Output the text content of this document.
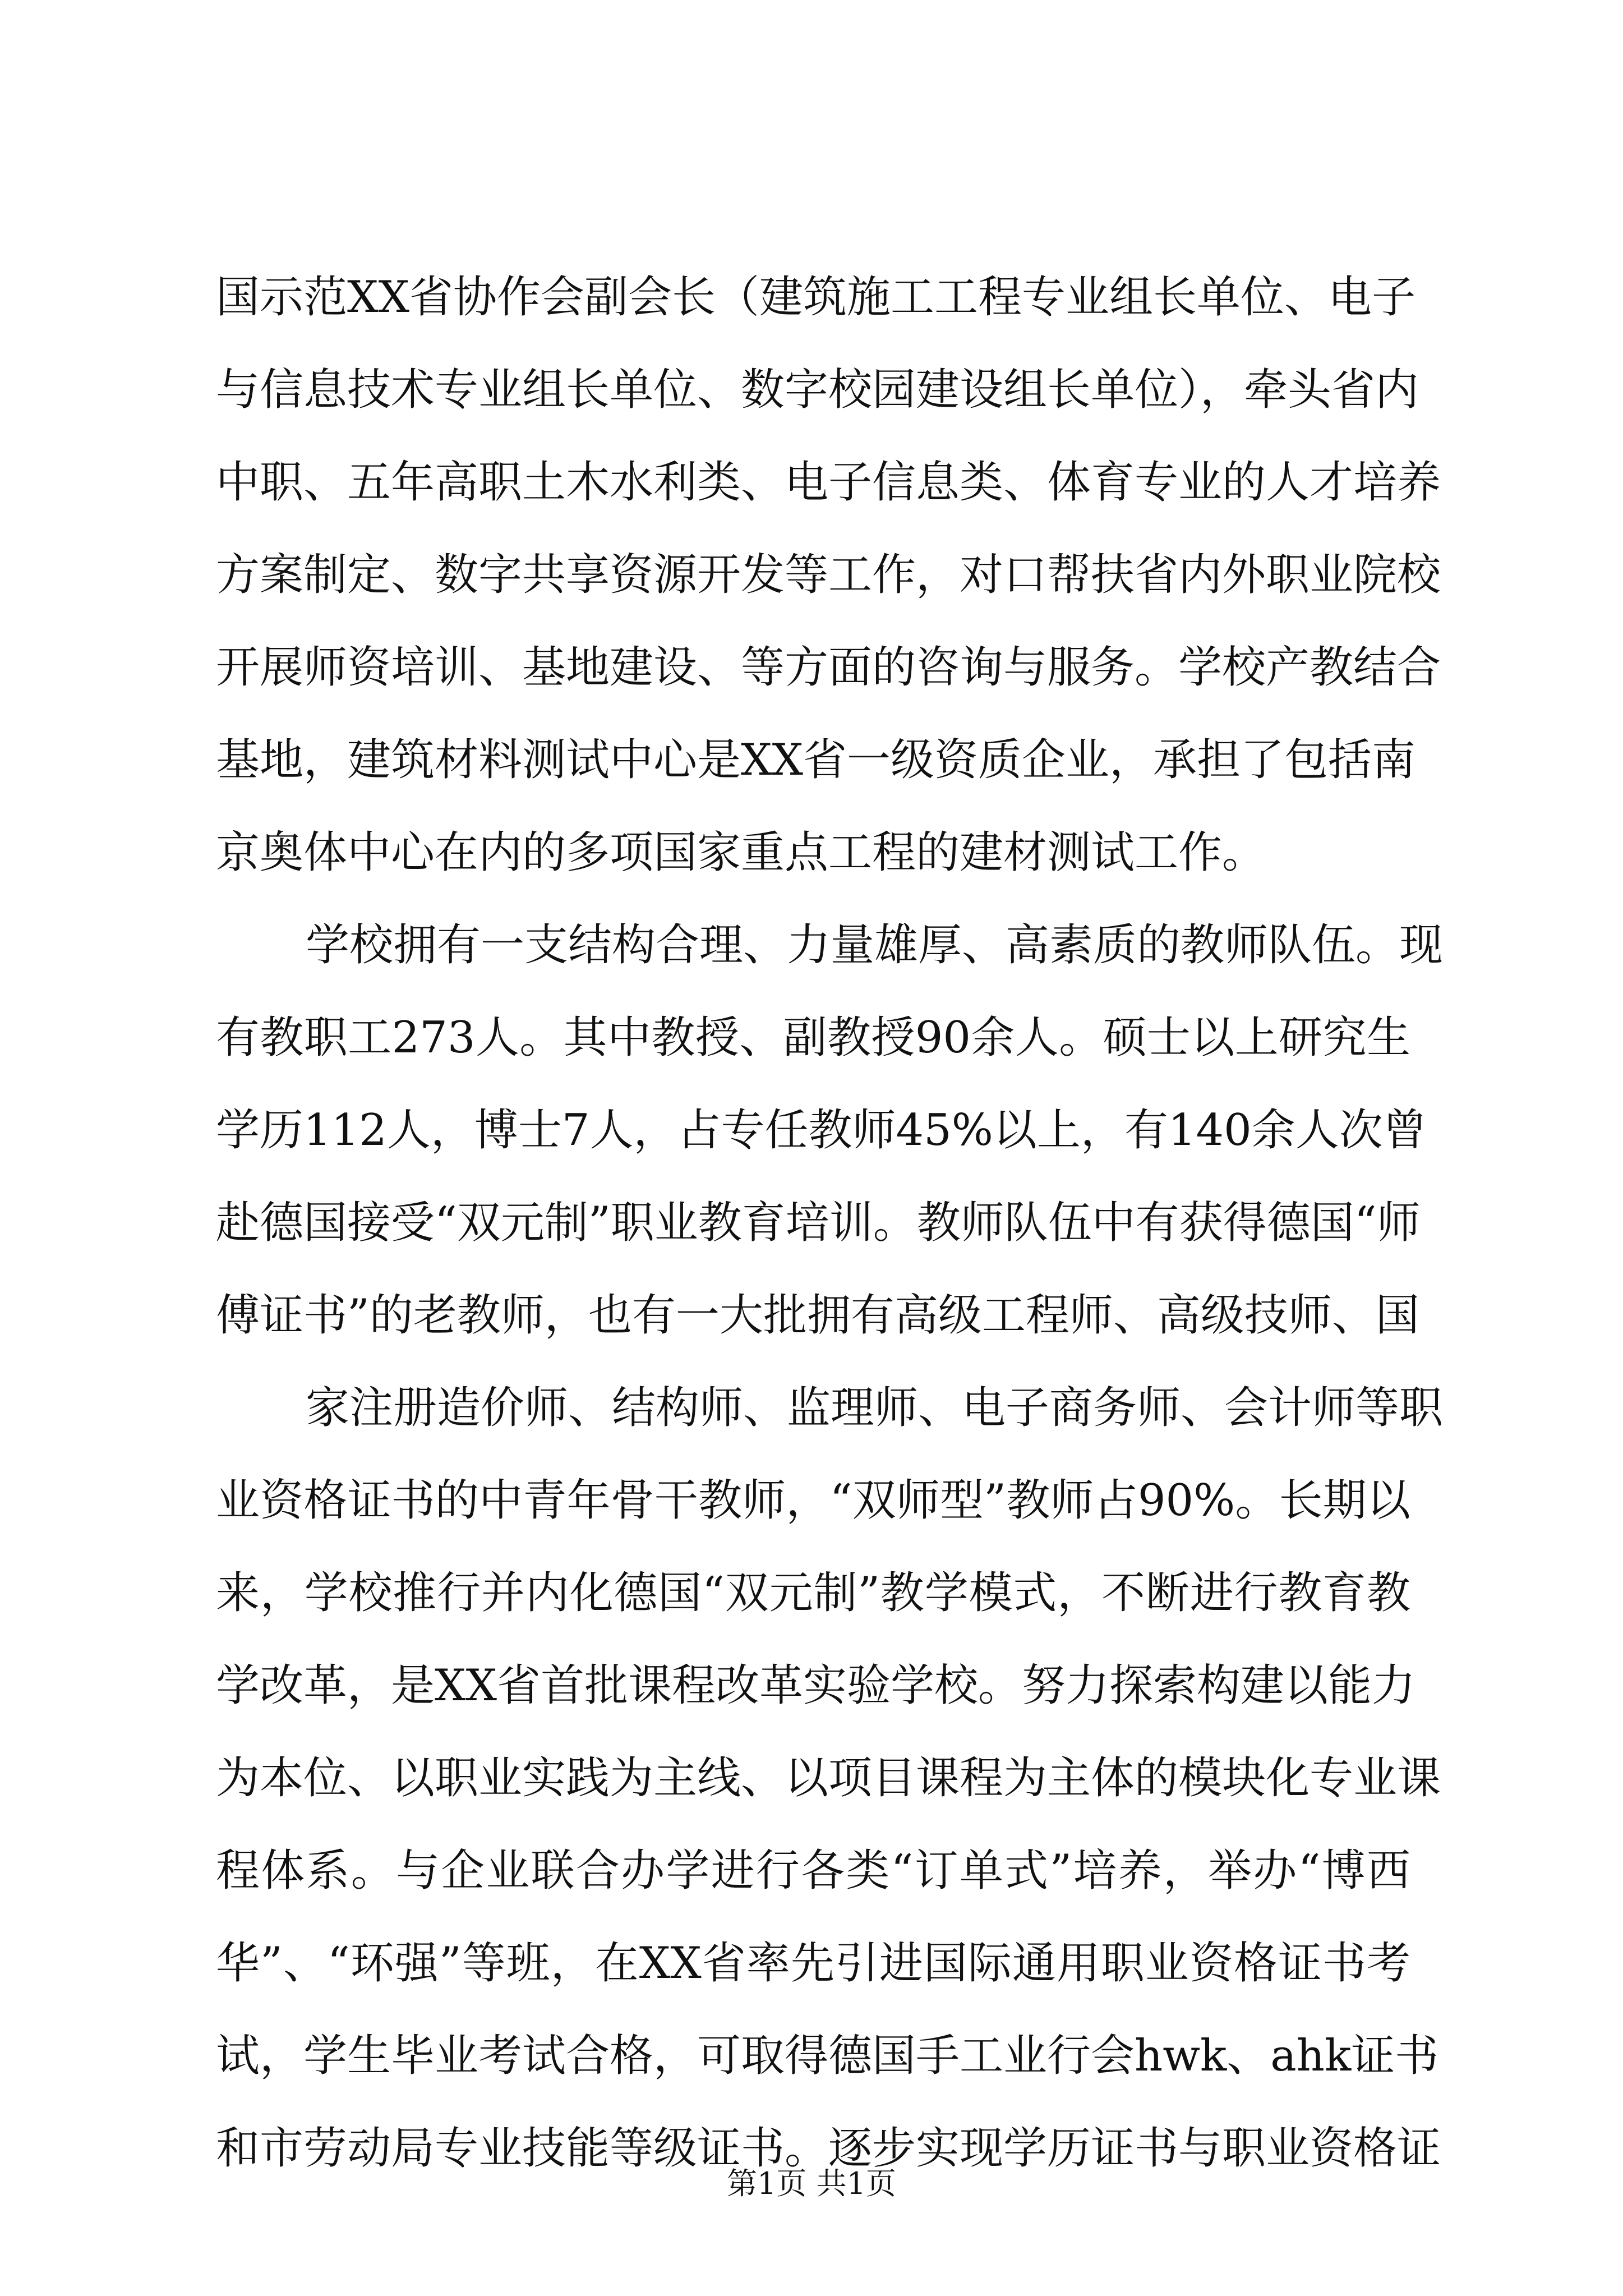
国示范XX省协作会副会长（建筑施工工程专业组长单位、电子
与信息技术专业组长单位、数字校园建设组长单位），牵头省内
中职、五年高职土木水利类、电子信息类、体育专业的人才培养
方案制定、数字共享资源开发等工作，对口帮扶省内外职业院校
开展师资培训、基地建设、等方面的咨询与服务。学校产教结合
基地，建筑材料测试中心是XX省一级资质企业，承担了包括南
京奥体中心在内的多项国家重点工程的建材测试工作。
学校拥有一支结构合理、力量雄厚、高素质的教师队伍。现
有教职工273人。其中教授、副教授90余人。硕士以上研究生
学历112人，博士7人，占专任教师45%以上，有140余人次曾
赴德国接受“双元制”职业教育培训。教师队伍中有获得德国“师
傅证书”的老教师，也有一大批拥有高级工程师、高级技师、国
家注册造价师、结构师、监理师、电子商务师、会计师等职
业资格证书的中青年骨干教师，“双师型”教师占90%。长期以
来，学校推行并内化德国“双元制”教学模式，不断进行教育教
学改革，是XX省首批课程改革实验学校。努力探索构建以能力
为本位、以职业实践为主线、以项目课程为主体的模块化专业课
程体系。与企业联合办学进行各类“订单式”培养，举办“博西
华”、“环强”等班，在XX省率先引进国际通用职业资格证书考
试，学生毕业考试合格，可取得德国手工业行会hwk、ahk证书
和市劳动局专业技能等级证书。逐步实现学历证书与职业资格证
第1页 共1页
